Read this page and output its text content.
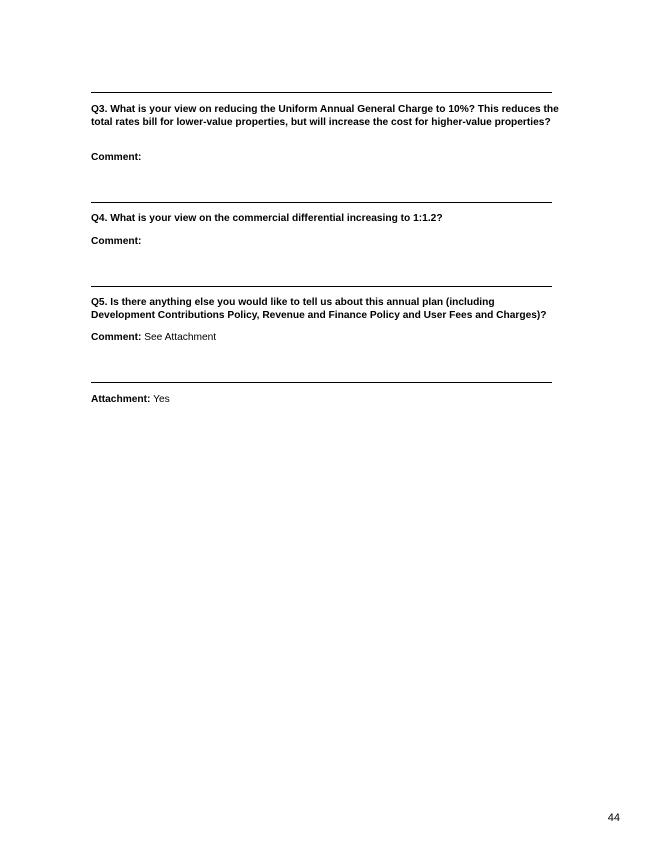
Q3. What is your view on reducing the Uniform Annual General Charge to 10%? This reduces the total rates bill for lower-value properties, but will increase the cost for higher-value properties?

Comment:

Q4. What is your view on the commercial differential increasing to 1:1.2?

Comment:

Q5. Is there anything else you would like to tell us about this annual plan (including Development Contributions Policy, Revenue and Finance Policy and User Fees and Charges)?

Comment: See Attachment
Attachment: Yes
44
